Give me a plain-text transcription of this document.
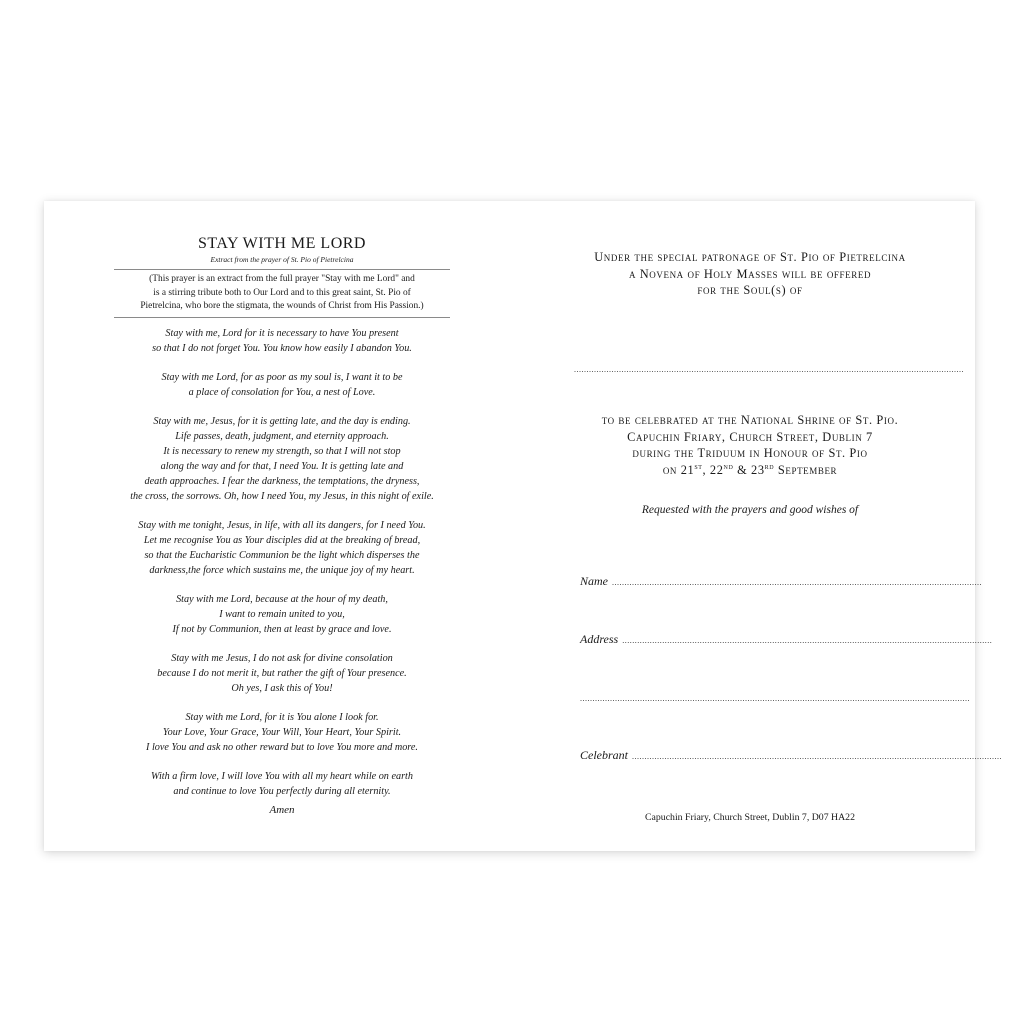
STAY WITH ME LORD
Extract from the prayer of St. Pio of Pietrelcina
(This prayer is an extract from the full prayer "Stay with me Lord" and
is a stirring tribute both to Our Lord and to this great saint, St. Pio of
Pietrelcina, who bore the stigmata, the wounds of Christ from His Passion.)
Stay with me, Lord for it is necessary to have You present
so that I do not forget You. You know how easily I abandon You.
Stay with me Lord, for as poor as my soul is, I want it to be
a place of consolation for You, a nest of Love.
Stay with me, Jesus, for it is getting late, and the day is ending.
Life passes, death, judgment, and eternity approach.
It is necessary to renew my strength, so that I will not stop
along the way and for that, I need You. It is getting late and
death approaches. I fear the darkness, the temptations, the dryness,
the cross, the sorrows. Oh, how I need You, my Jesus, in this night of exile.
Stay with me tonight, Jesus, in life, with all its dangers, for I need You.
Let me recognise You as Your disciples did at the breaking of bread,
so that the Eucharistic Communion be the light which disperses the
darkness,the force which sustains me, the unique joy of my heart.
Stay with me Lord, because at the hour of my death,
I want to remain united to you,
If not by Communion, then at least by grace and love.
Stay with me Jesus, I do not ask for divine consolation
because I do not merit it, but rather the gift of Your presence.
Oh yes, I ask this of You!
Stay with me Lord, for it is You alone I look for.
Your Love, Your Grace, Your Will, Your Heart, Your Spirit.
I love You and ask no other reward but to love You more and more.
With a firm love, I will love You with all my heart while on earth
and continue to love You perfectly during all eternity.
Amen
Under the special patronage of St. Pio of Pietrelcina
a Novena of Holy Masses will be offered
for the Soul(s) of
............................................................................................................................................................
to be celebrated at the National Shrine of St. Pio.
Capuchin Friary, Church Street, Dublin 7
during the Triduum in Honour of St. Pio
on 21st, 22nd & 23rd September
Requested with the prayers and good wishes of
Name ....................................................................................................................................................
Address ....................................................................................................................................................
............................................................................................................................................................
Celebrant ....................................................................................................................................................
Capuchin Friary, Church Street, Dublin 7, D07 HA22
